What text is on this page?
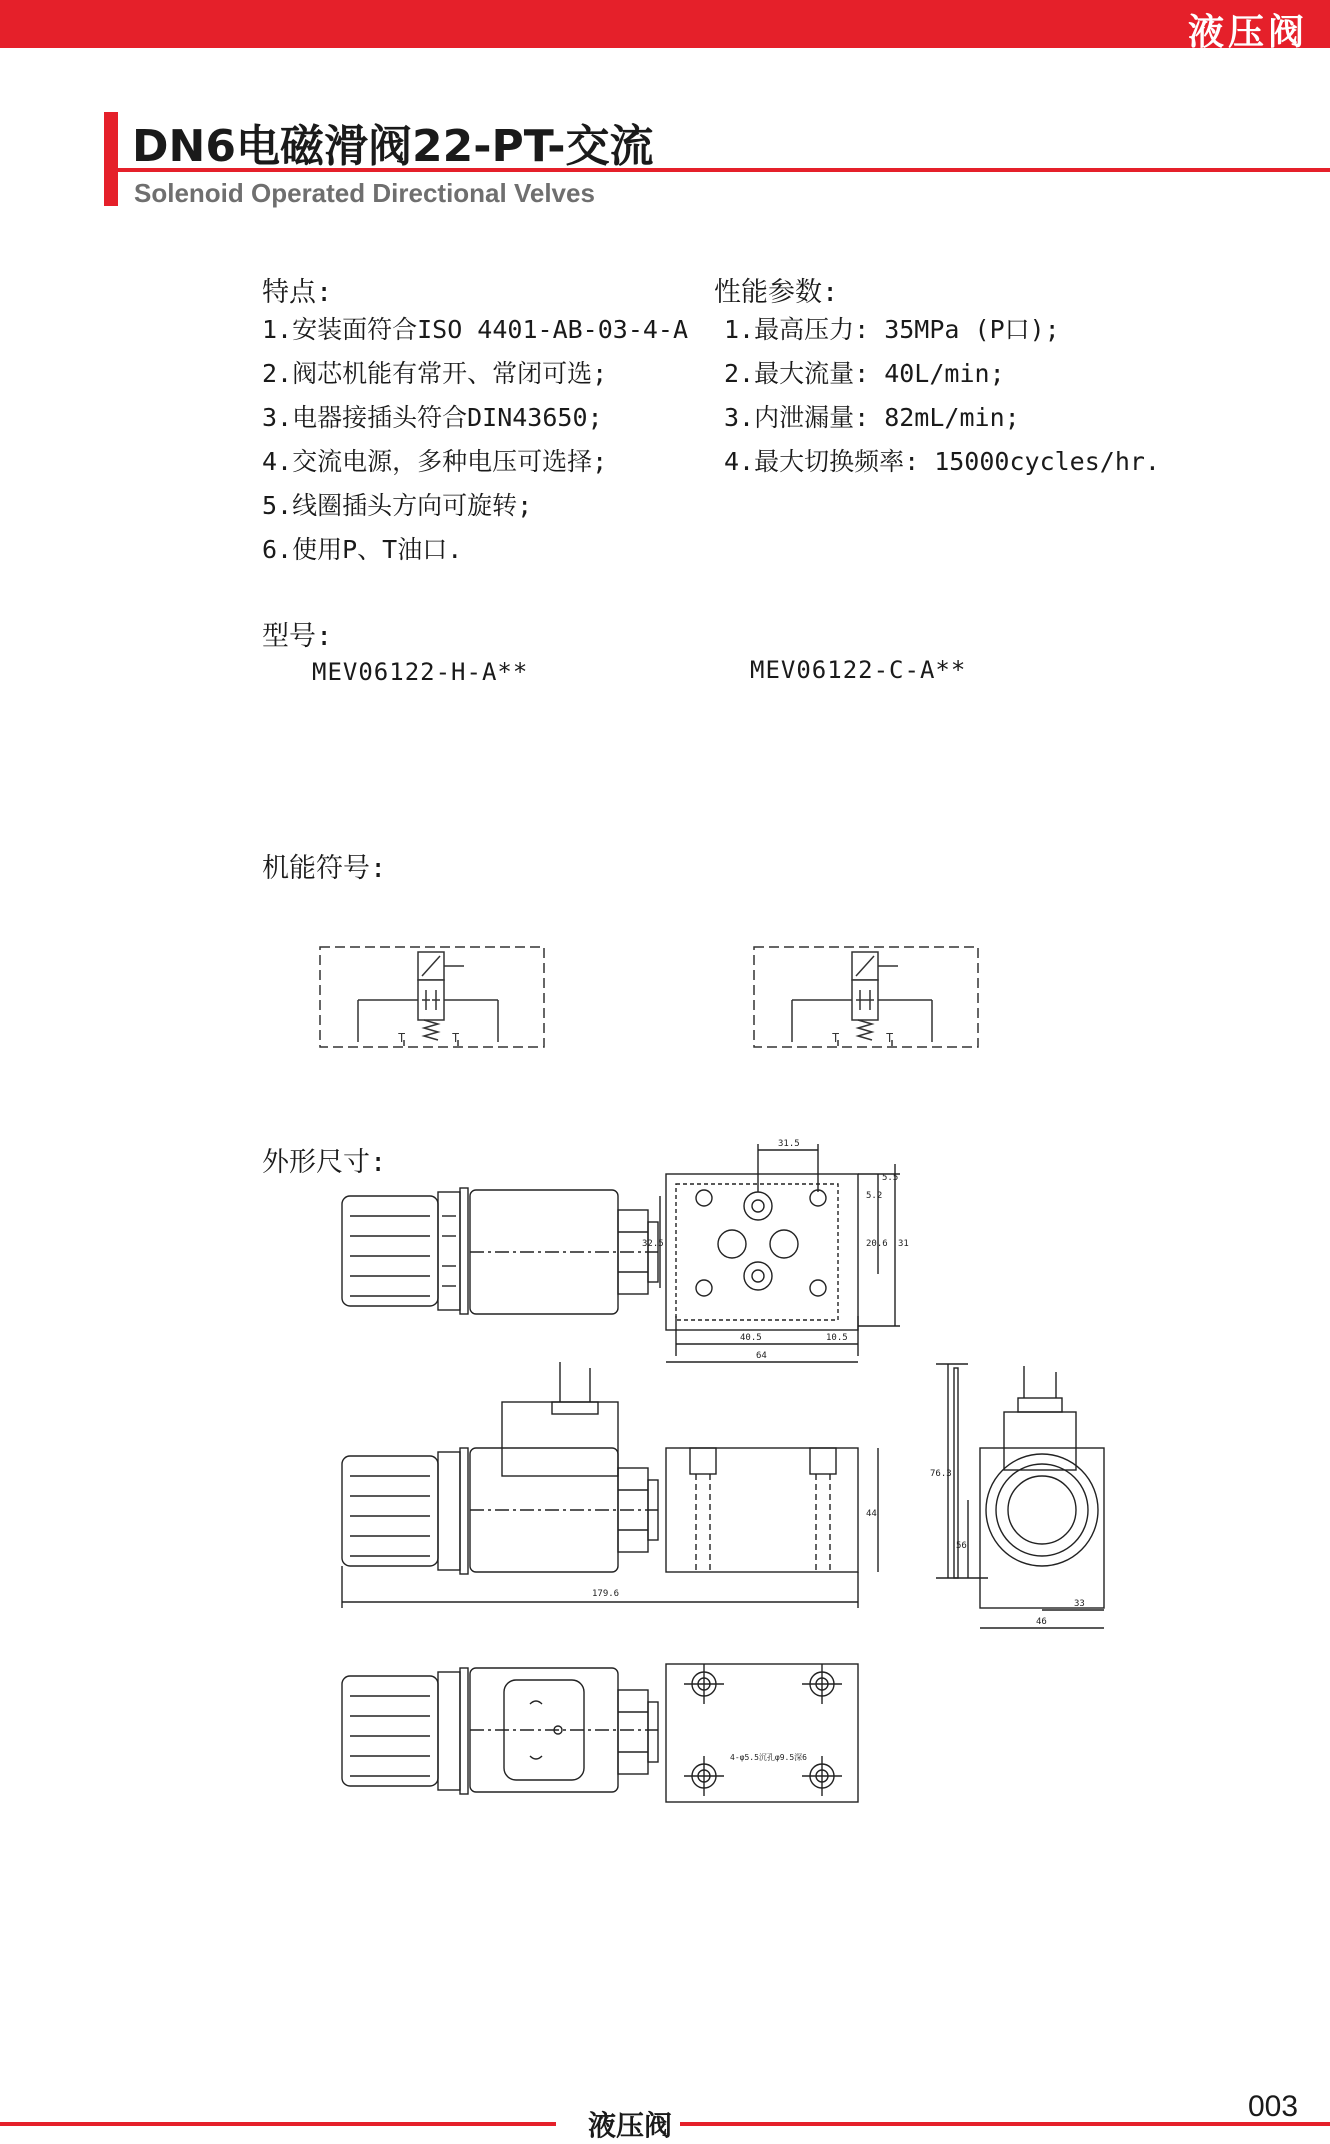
液压阀
DN6电磁滑阀22-PT-交流
Solenoid Operated Directional Velves
特点:
1.安装面符合ISO 4401-AB-03-4-A
2.阀芯机能有常开、常闭可选;
3.电器接插头符合DIN43650;
4.交流电源，多种电压可选择;
5.线圈插头方向可旋转;
6.使用P、T油口.
性能参数:
1.最高压力: 35MPa (P口);
2.最大流量: 40L/min;
3.内泄漏量: 82mL/min;
4.最大切换频率: 15000cycles/hr.
型号:
MEV06122-H-A**	MEV06122-C-A**
机能符号:
T	T	T	T
外形尺寸:
31.5
5.5
5.2
20.6 31
32.5
40.5	10.5
64
179.6
44
76.3
56
33
46
4-φ5.5沉孔φ9.5深6
液压阀
003
